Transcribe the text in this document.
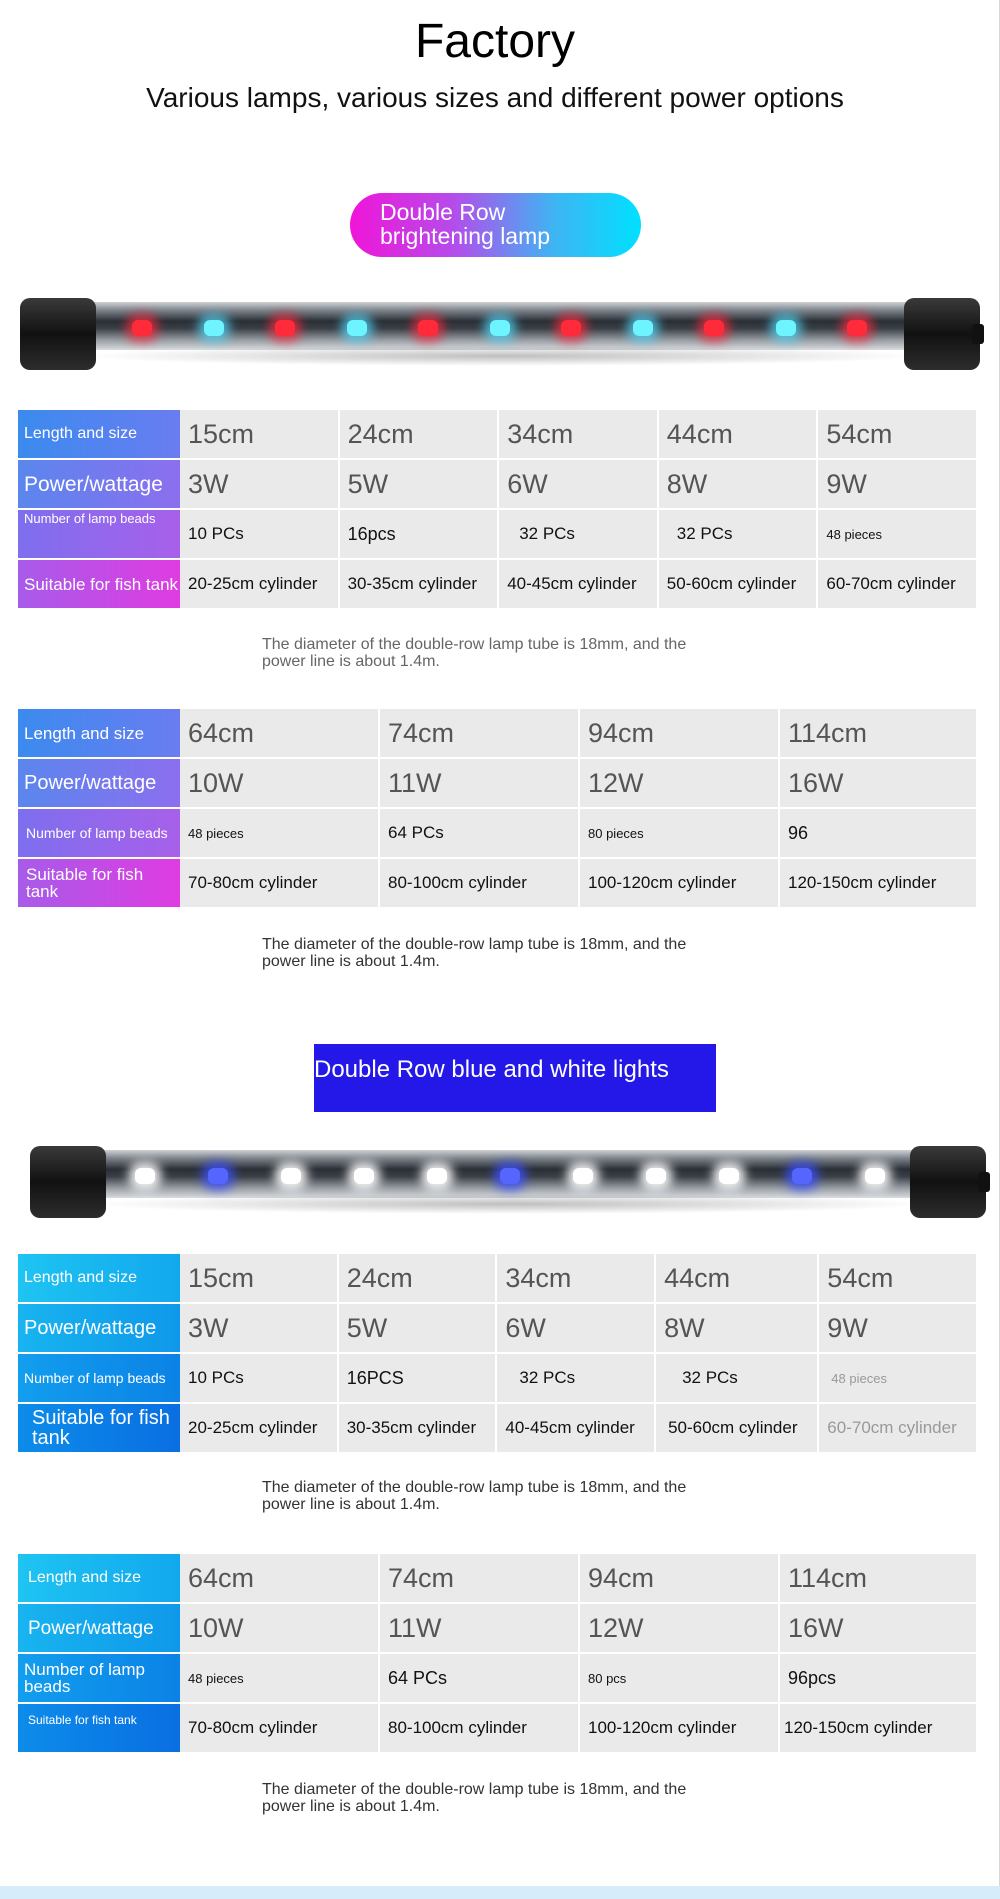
Factory
Various lamps, various sizes and different power options
Double Row
brightening lamp
Length and size	15cm	24cm	34cm	44cm	54cm
Power/wattage	3W	5W	6W	8W	9W
Number of lamp beads	10 PCs	16pcs	32 PCs	32 PCs	48 pieces
Suitable for fish tank	20-25cm cylinder	30-35cm cylinder	40-45cm cylinder	50-60cm cylinder	60-70cm cylinder
The diameter of the double-row lamp tube is 18mm, and the
power line is about 1.4m.
Length and size	64cm	74cm	94cm	114cm
Power/wattage	10W	11W	12W	16W
Number of lamp beads	48 pieces	64 PCs	80 pieces	96
Suitable for fish tank	70-80cm cylinder	80-100cm cylinder	100-120cm cylinder	120-150cm cylinder
The diameter of the double-row lamp tube is 18mm, and the
power line is about 1.4m.
Double Row blue and white lights
Length and size	15cm	24cm	34cm	44cm	54cm
Power/wattage	3W	5W	6W	8W	9W
Number of lamp beads	10 PCs	16PCS	32 PCs	32 PCs	48 pieces
Suitable for fish tank	20-25cm cylinder	30-35cm cylinder	40-45cm cylinder	50-60cm cylinder	60-70cm cylinder
The diameter of the double-row lamp tube is 18mm, and the
power line is about 1.4m.
Length and size	64cm	74cm	94cm	114cm
Power/wattage	10W	11W	12W	16W
Number of lamp beads	48 pieces	64 PCs	80 pcs	96pcs
Suitable for fish tank	70-80cm cylinder	80-100cm cylinder	100-120cm cylinder	120-150cm cylinder
The diameter of the double-row lamp tube is 18mm, and the
power line is about 1.4m.
